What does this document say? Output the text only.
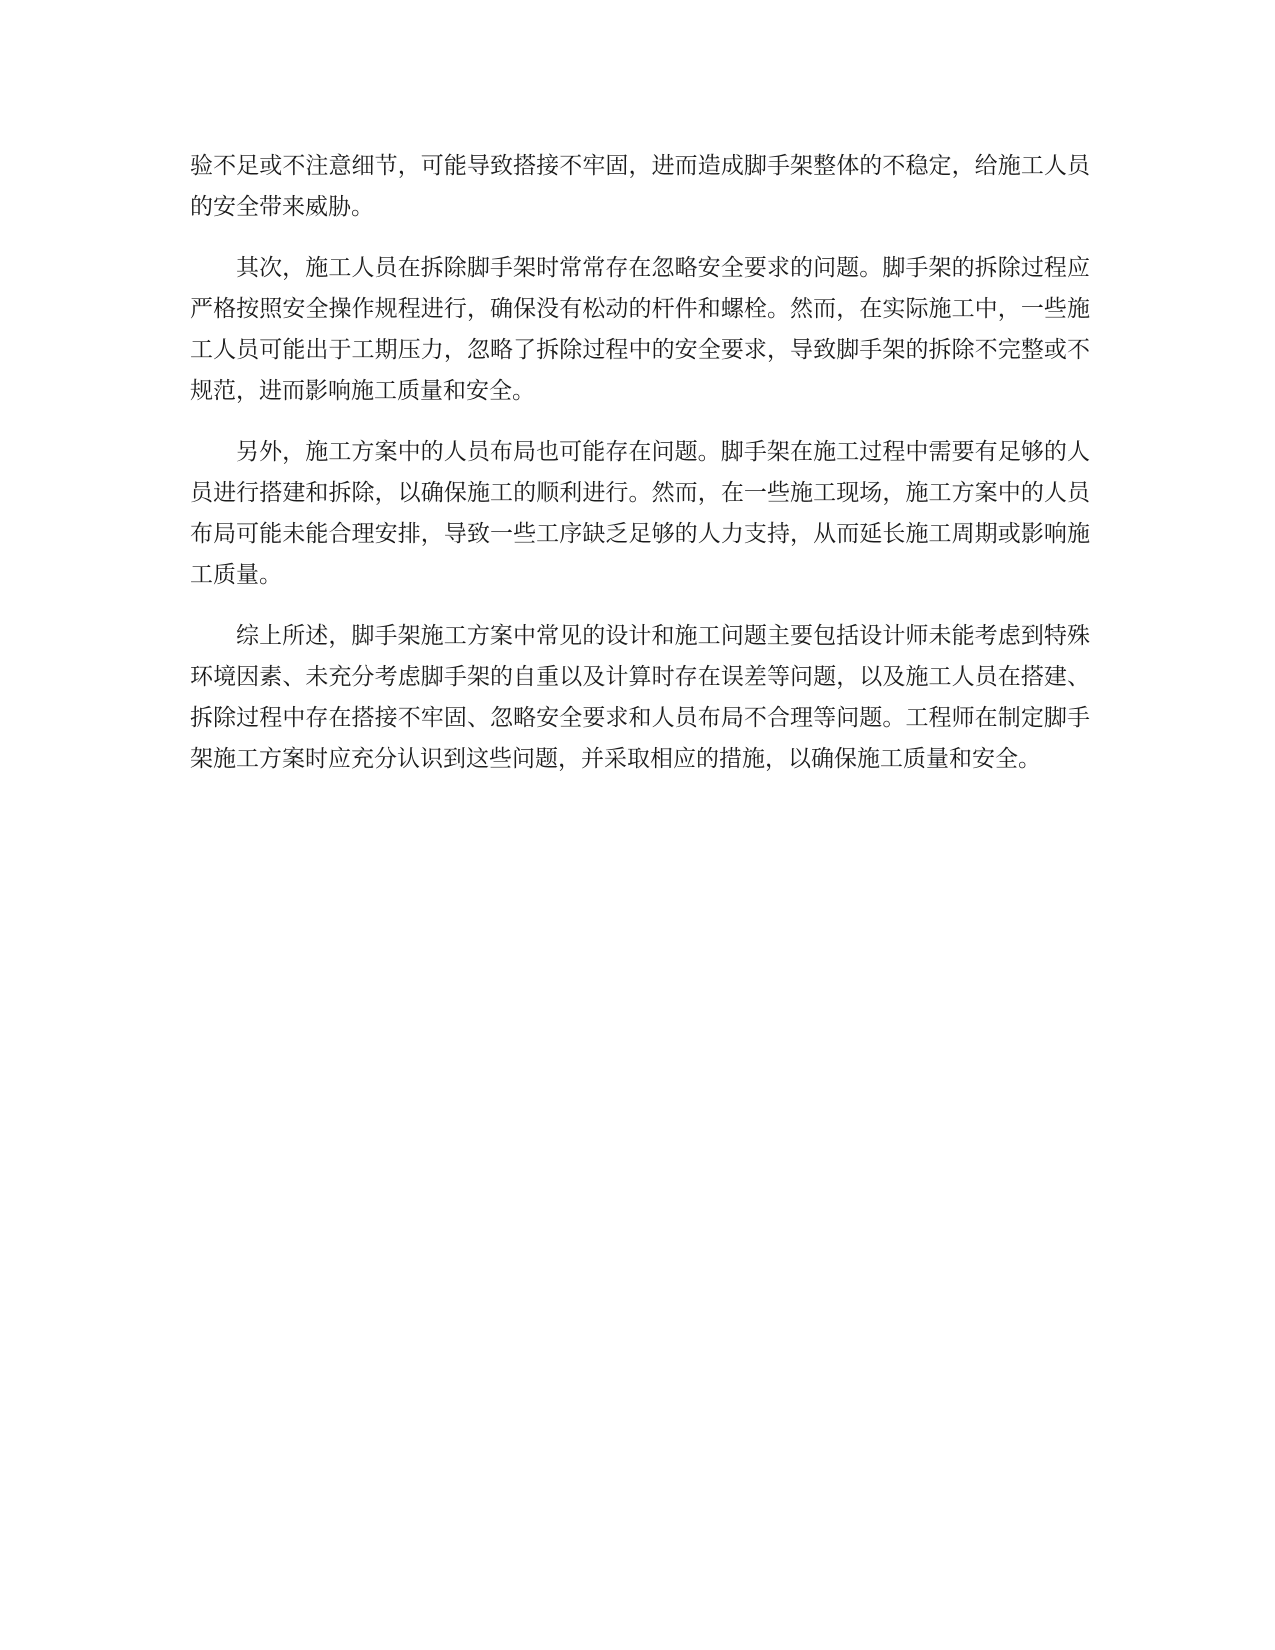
验不足或不注意细节，可能导致搭接不牢固，进而造成脚手架整体的不稳定，给施工人员的安全带来威胁。

其次，施工人员在拆除脚手架时常常存在忽略安全要求的问题。脚手架的拆除过程应严格按照安全操作规程进行，确保没有松动的杆件和螺栓。然而，在实际施工中，一些施工人员可能出于工期压力，忽略了拆除过程中的安全要求，导致脚手架的拆除不完整或不规范，进而影响施工质量和安全。

另外，施工方案中的人员布局也可能存在问题。脚手架在施工过程中需要有足够的人员进行搭建和拆除，以确保施工的顺利进行。然而，在一些施工现场，施工方案中的人员布局可能未能合理安排，导致一些工序缺乏足够的人力支持，从而延长施工周期或影响施工质量。

综上所述，脚手架施工方案中常见的设计和施工问题主要包括设计师未能考虑到特殊环境因素、未充分考虑脚手架的自重以及计算时存在误差等问题，以及施工人员在搭建、拆除过程中存在搭接不牢固、忽略安全要求和人员布局不合理等问题。工程师在制定脚手架施工方案时应充分认识到这些问题，并采取相应的措施，以确保施工质量和安全。
